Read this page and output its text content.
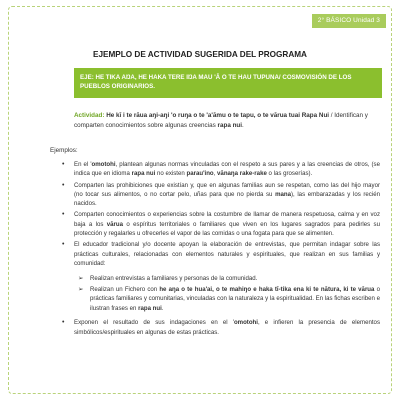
2° BÁSICO Unidad 3
EJEMPLO DE ACTIVIDAD SUGERIDA DEL PROGRAMA
EJE: HE TIKA AŊA, HE HAKA TERE IŊA MAU 'Ā O TE HAU TUPUNA/ COSMOVISIÓN DE LOS
PUEBLOS ORIGINARIOS.
Actividad: He kī i te rāua aŋi-aŋi 'o ruŋa o te 'a'āmu o te tapu, o te vārua tuai Rapa Nui / Identifican y comparten conocimientos sobre algunas creencias rapa nui.
Ejemplos:
• En el 'omotohi, plantean algunas normas vinculadas con el respeto a sus pares y a las creencias de otros, (se indica que en idioma rapa nui no existen parau'ino, vānaŋa rake-rake o las groserías).
• Comparten las prohibiciones que existían y, que en algunas familias aun se respetan, como las del hijo mayor (no tocar sus alimentos, o no cortar pelo, uñas para que no pierda su mana), las embarazadas y los recién nacidos.
• Comparten conocimientos o experiencias sobre la costumbre de llamar de manera respetuosa, calma y en voz baja a los vārua o espíritus territoriales o familiares que viven en los lugares sagrados para pedirles su protección y regalarles u ofrecerles el vapor de las comidas o una fogata para que se alimenten.
• El educador tradicional y/o docente apoyan la elaboración de entrevistas, que permitan indagar sobre las prácticas culturales, relacionadas con elementos naturales y espirituales, que realizan en sus familias y comunidad:
➢ Realizan entrevistas a familiares y personas de la comunidad.
➢ Realizan un Fichero con he aŋa o te hua'ai, o te mahiŋo e haka tī-tika ena ki te nātura, ki te vārua o prácticas familiares y comunitarias, vinculadas con la naturaleza y la espiritualidad. En las fichas escriben e ilustran frases en rapa nui.
• Exponen el resultado de sus indagaciones en el 'omotohi, e infieren la presencia de elementos simbólicos/espirituales en algunas de estas prácticas.
